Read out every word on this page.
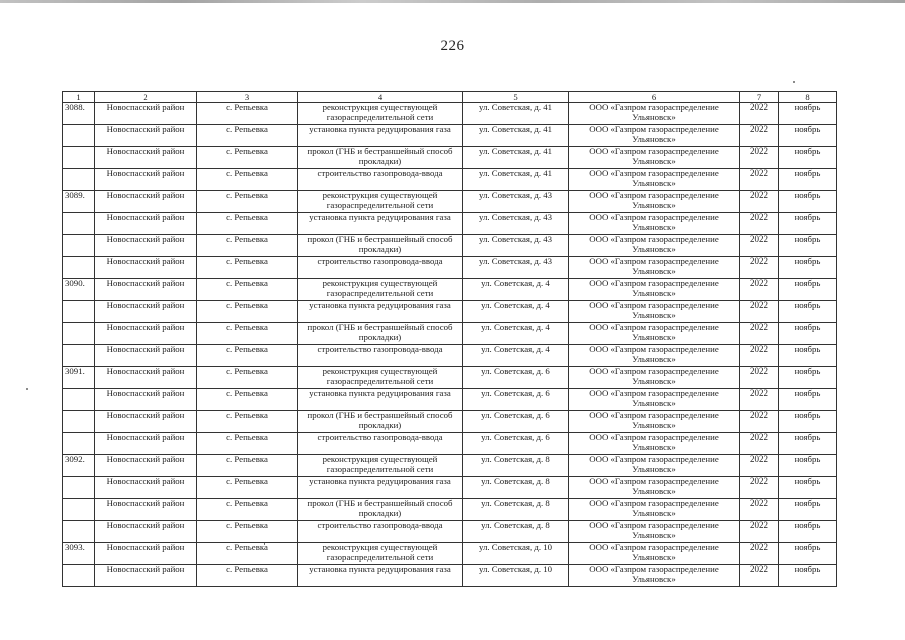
226
1	2	3	4	5	6	7	8
3088.	Новоспасский район	с. Репьевка	реконструкция существующей газораспределительной сети	ул. Советская, д. 41	ООО «Газпром газораспределение Ульяновск»	2022	ноябрь
	Новоспасский район	с. Репьевка	установка пункта редуцирования газа	ул. Советская, д. 41	ООО «Газпром газораспределение Ульяновск»	2022	ноябрь
	Новоспасский район	с. Репьевка	прокол (ГНБ и бестраншейный способ прокладки)	ул. Советская, д. 41	ООО «Газпром газораспределение Ульяновск»	2022	ноябрь
	Новоспасский район	с. Репьевка	строительство газопровода-ввода	ул. Советская, д. 41	ООО «Газпром газораспределение Ульяновск»	2022	ноябрь
3089.	Новоспасский район	с. Репьевка	реконструкция существующей газораспределительной сети	ул. Советская, д. 43	ООО «Газпром газораспределение Ульяновск»	2022	ноябрь
	Новоспасский район	с. Репьевка	установка пункта редуцирования газа	ул. Советская, д. 43	ООО «Газпром газораспределение Ульяновск»	2022	ноябрь
	Новоспасский район	с. Репьевка	прокол (ГНБ и бестраншейный способ прокладки)	ул. Советская, д. 43	ООО «Газпром газораспределение Ульяновск»	2022	ноябрь
	Новоспасский район	с. Репьевка	строительство газопровода-ввода	ул. Советская, д. 43	ООО «Газпром газораспределение Ульяновск»	2022	ноябрь
3090.	Новоспасский район	с. Репьевка	реконструкция существующей газораспределительной сети	ул. Советская, д. 4	ООО «Газпром газораспределение Ульяновск»	2022	ноябрь
	Новоспасский район	с. Репьевка	установка пункта редуцирования газа	ул. Советская, д. 4	ООО «Газпром газораспределение Ульяновск»	2022	ноябрь
	Новоспасский район	с. Репьевка	прокол (ГНБ и бестраншейный способ прокладки)	ул. Советская, д. 4	ООО «Газпром газораспределение Ульяновск»	2022	ноябрь
	Новоспасский район	с. Репьевка	строительство газопровода-ввода	ул. Советская, д. 4	ООО «Газпром газораспределение Ульяновск»	2022	ноябрь
3091.	Новоспасский район	с. Репьевка	реконструкция существующей газораспределительной сети	ул. Советская, д. 6	ООО «Газпром газораспределение Ульяновск»	2022	ноябрь
	Новоспасский район	с. Репьевка	установка пункта редуцирования газа	ул. Советская, д. 6	ООО «Газпром газораспределение Ульяновск»	2022	ноябрь
	Новоспасский район	с. Репьевка	прокол (ГНБ и бестраншейный способ прокладки)	ул. Советская, д. 6	ООО «Газпром газораспределение Ульяновск»	2022	ноябрь
	Новоспасский район	с. Репьевка	строительство газопровода-ввода	ул. Советская, д. 6	ООО «Газпром газораспределение Ульяновск»	2022	ноябрь
3092.	Новоспасский район	с. Репьевка	реконструкция существующей газораспределительной сети	ул. Советская, д. 8	ООО «Газпром газораспределение Ульяновск»	2022	ноябрь
	Новоспасский район	с. Репьевка	установка пункта редуцирования газа	ул. Советская, д. 8	ООО «Газпром газораспределение Ульяновск»	2022	ноябрь
	Новоспасский район	с. Репьевка	прокол (ГНБ и бестраншейный способ прокладки)	ул. Советская, д. 8	ООО «Газпром газораспределение Ульяновск»	2022	ноябрь
	Новоспасский район	с. Репьевка	строительство газопровода-ввода	ул. Советская, д. 8	ООО «Газпром газораспределение Ульяновск»	2022	ноябрь
3093.	Новоспасский район	с. Репьевка	реконструкция существующей газораспределительной сети	ул. Советская, д. 10	ООО «Газпром газораспределение Ульяновск»	2022	ноябрь
	Новоспасский район	с. Репьевка	установка пункта редуцирования газа	ул. Советская, д. 10	ООО «Газпром газораспределение Ульяновск»	2022	ноябрь
